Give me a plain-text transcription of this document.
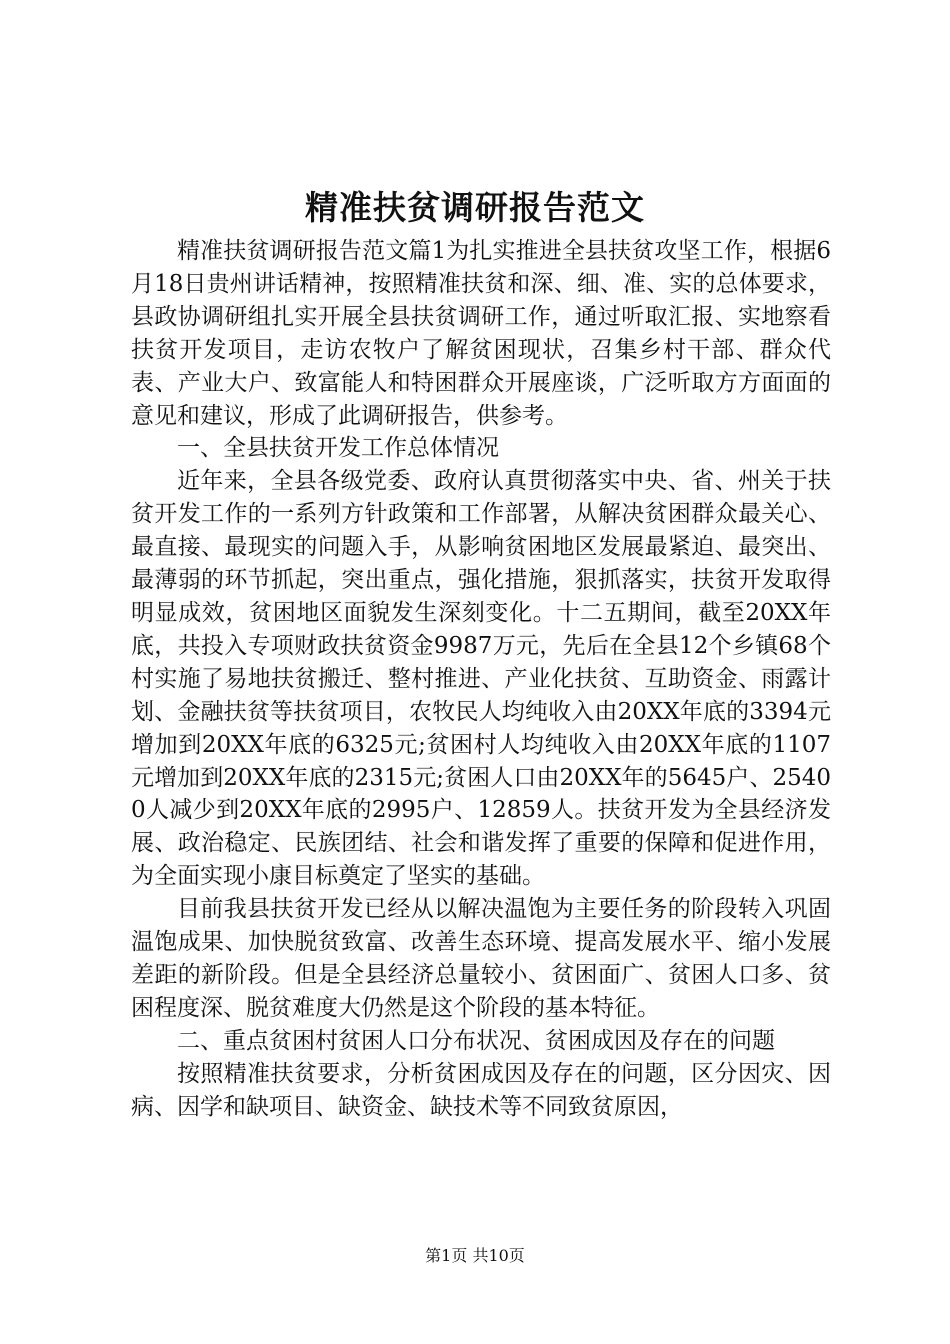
精准扶贫调研报告范文

精准扶贫调研报告范文篇1为扎实推进全县扶贫攻坚工作，根据6月18日贵州讲话精神，按照精准扶贫和深、细、准、实的总体要求，县政协调研组扎实开展全县扶贫调研工作，通过听取汇报、实地察看扶贫开发项目，走访农牧户了解贫困现状，召集乡村干部、群众代表、产业大户、致富能人和特困群众开展座谈，广泛听取方方面面的意见和建议，形成了此调研报告，供参考。

一、全县扶贫开发工作总体情况

近年来，全县各级党委、政府认真贯彻落实中央、省、州关于扶贫开发工作的一系列方针政策和工作部署，从解决贫困群众最关心、最直接、最现实的问题入手，从影响贫困地区发展最紧迫、最突出、最薄弱的环节抓起，突出重点，强化措施，狠抓落实，扶贫开发取得明显成效，贫困地区面貌发生深刻变化。十二五期间，截至20XX年底，共投入专项财政扶贫资金9987万元，先后在全县12个乡镇68个村实施了易地扶贫搬迁、整村推进、产业化扶贫、互助资金、雨露计划、金融扶贫等扶贫项目，农牧民人均纯收入由20XX年底的3394元增加到20XX年底的6325元;贫困村人均纯收入由20XX年底的1107元增加到20XX年底的2315元;贫困人口由20XX年的5645户、25400人减少到20XX年底的2995户、12859人。扶贫开发为全县经济发展、政治稳定、民族团结、社会和谐发挥了重要的保障和促进作用，为全面实现小康目标奠定了坚实的基础。

目前我县扶贫开发已经从以解决温饱为主要任务的阶段转入巩固温饱成果、加快脱贫致富、改善生态环境、提高发展水平、缩小发展差距的新阶段。但是全县经济总量较小、贫困面广、贫困人口多、贫困程度深、脱贫难度大仍然是这个阶段的基本特征。

二、重点贫困村贫困人口分布状况、贫困成因及存在的问题

按照精准扶贫要求，分析贫困成因及存在的问题，区分因灾、因病、因学和缺项目、缺资金、缺技术等不同致贫原因，

第1页 共10页
